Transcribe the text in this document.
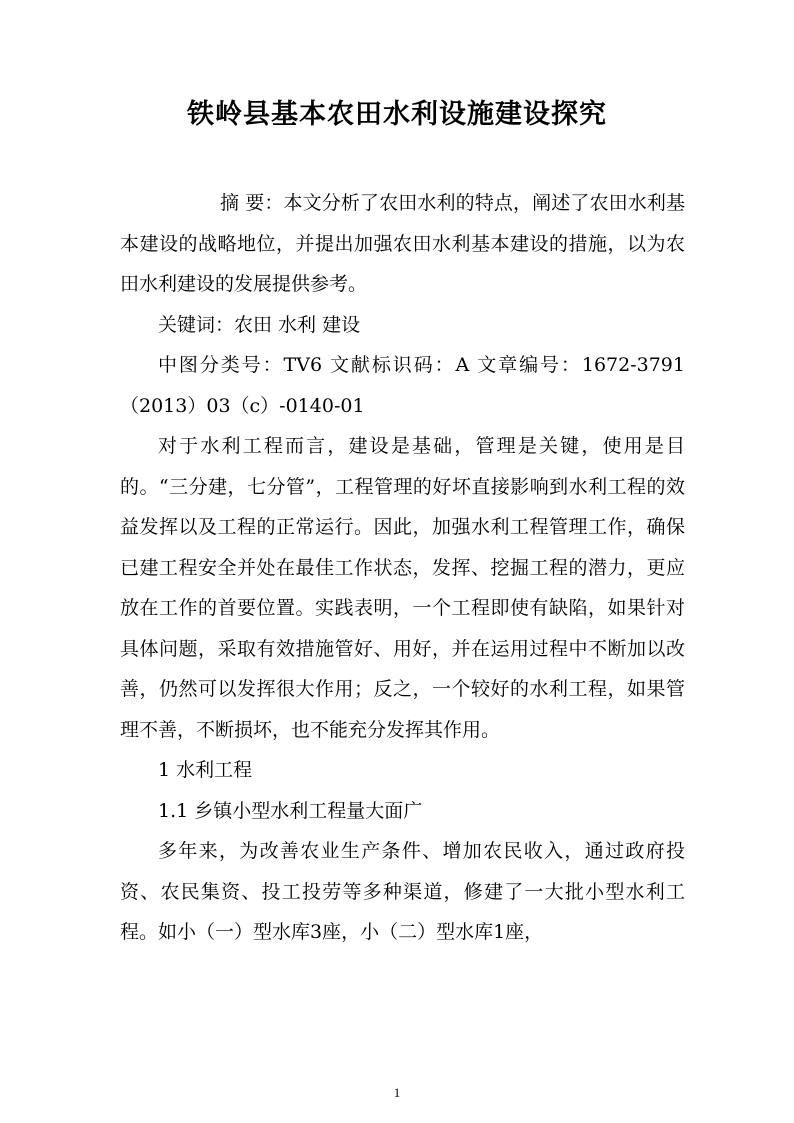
铁岭县基本农田水利设施建设探究

摘 要：本文分析了农田水利的特点，阐述了农田水利基本建设的战略地位，并提出加强农田水利基本建设的措施，以为农田水利建设的发展提供参考。

关键词：农田 水利 建设

中图分类号：TV6 文献标识码：A 文章编号：1672-3791（2013）03（c）-0140-01

对于水利工程而言，建设是基础，管理是关键，使用是目的。“三分建，七分管”，工程管理的好坏直接影响到水利工程的效益发挥以及工程的正常运行。因此，加强水利工程管理工作，确保已建工程安全并处在最佳工作状态，发挥、挖掘工程的潜力，更应放在工作的首要位置。实践表明，一个工程即使有缺陷，如果针对具体问题，采取有效措施管好、用好，并在运用过程中不断加以改善，仍然可以发挥很大作用；反之，一个较好的水利工程，如果管理不善，不断损坏，也不能充分发挥其作用。

1 水利工程

1.1 乡镇小型水利工程量大面广

多年来，为改善农业生产条件、增加农民收入，通过政府投资、农民集资、投工投劳等多种渠道，修建了一大批小型水利工程。如小（一）型水库3座，小（二）型水库1座，

1
